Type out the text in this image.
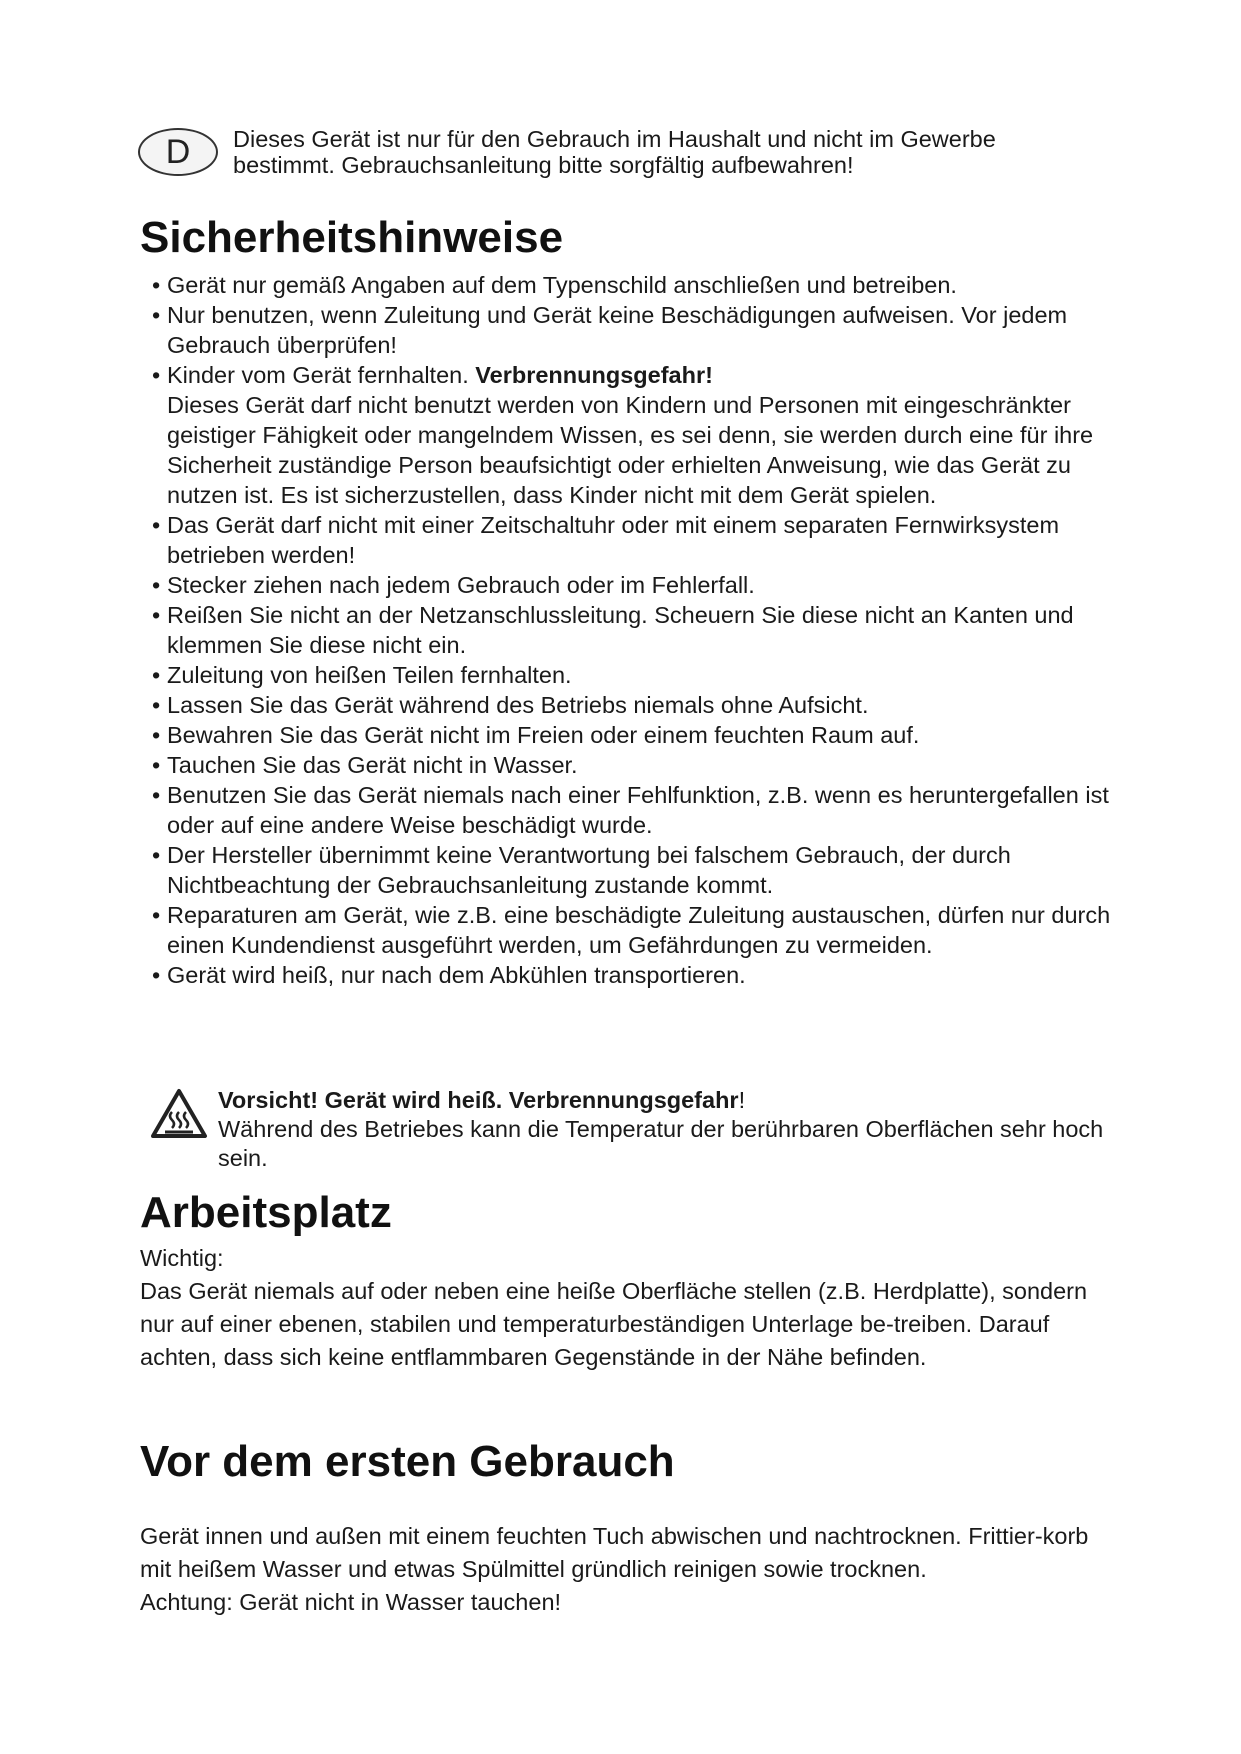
D Dieses Gerät ist nur für den Gebrauch im Haushalt und nicht im Gewerbe

bestimmt. Gebrauchsanleitung bitte sorgfältig aufbewahren!

Sicherheitshinweise
• Gerät nur gemäß Angaben auf dem Typenschild anschließen und betreiben.
• Nur benutzen, wenn Zuleitung und Gerät keine Beschädigungen aufweisen. Vor jedem Gebrauch überprüfen!
• Kinder vom Gerät fernhalten. Verbrennungsgefahr!
Dieses Gerät darf nicht benutzt werden von Kindern und Personen mit eingeschränkter geistiger Fähigkeit oder mangelndem Wissen, es sei denn, sie werden durch eine für ihre Sicherheit zuständige Person beaufsichtigt oder erhielten Anweisung, wie das Gerät zu nutzen ist. Es ist sicherzustellen, dass Kinder nicht mit dem Gerät spielen.
• Das Gerät darf nicht mit einer Zeitschaltuhr oder mit einem separaten Fernwirksystem betrieben werden!
• Stecker ziehen nach jedem Gebrauch oder im Fehlerfall.
• Reißen Sie nicht an der Netzanschlussleitung. Scheuern Sie diese nicht an Kanten und klemmen Sie diese nicht ein.
• Zuleitung von heißen Teilen fernhalten.
• Lassen Sie das Gerät während des Betriebs niemals ohne Aufsicht.
• Bewahren Sie das Gerät nicht im Freien oder einem feuchten Raum auf.
• Tauchen Sie das Gerät nicht in Wasser.
• Benutzen Sie das Gerät niemals nach einer Fehlfunktion, z.B. wenn es heruntergefallen ist oder auf eine andere Weise beschädigt wurde.
• Der Hersteller übernimmt keine Verantwortung bei falschem Gebrauch, der durch Nichtbeachtung der Gebrauchsanleitung zustande kommt.
• Reparaturen am Gerät, wie z.B. eine beschädigte Zuleitung austauschen, dürfen nur durch einen Kundendienst ausgeführt werden, um Gefährdungen zu vermeiden.
• Gerät wird heiß, nur nach dem Abkühlen transportieren.

Vorsicht! Gerät wird heiß. Verbrennungsgefahr!

Während des Betriebes kann die Temperatur der berührbaren Oberflächen sehr hoch sein.

Arbeitsplatz

Wichtig:

Das Gerät niemals auf oder neben eine heiße Oberfläche stellen (z.B. Herdplatte), sondern nur auf einer ebenen, stabilen und temperaturbeständigen Unterlage be-treiben. Darauf achten, dass sich keine entflammbaren Gegenstände in der Nähe befinden.

Vor dem ersten Gebrauch

Gerät innen und außen mit einem feuchten Tuch abwischen und nachtrocknen. Frittier-korb mit heißem Wasser und etwas Spülmittel gründlich reinigen sowie trocknen.

Achtung: Gerät nicht in Wasser tauchen!
